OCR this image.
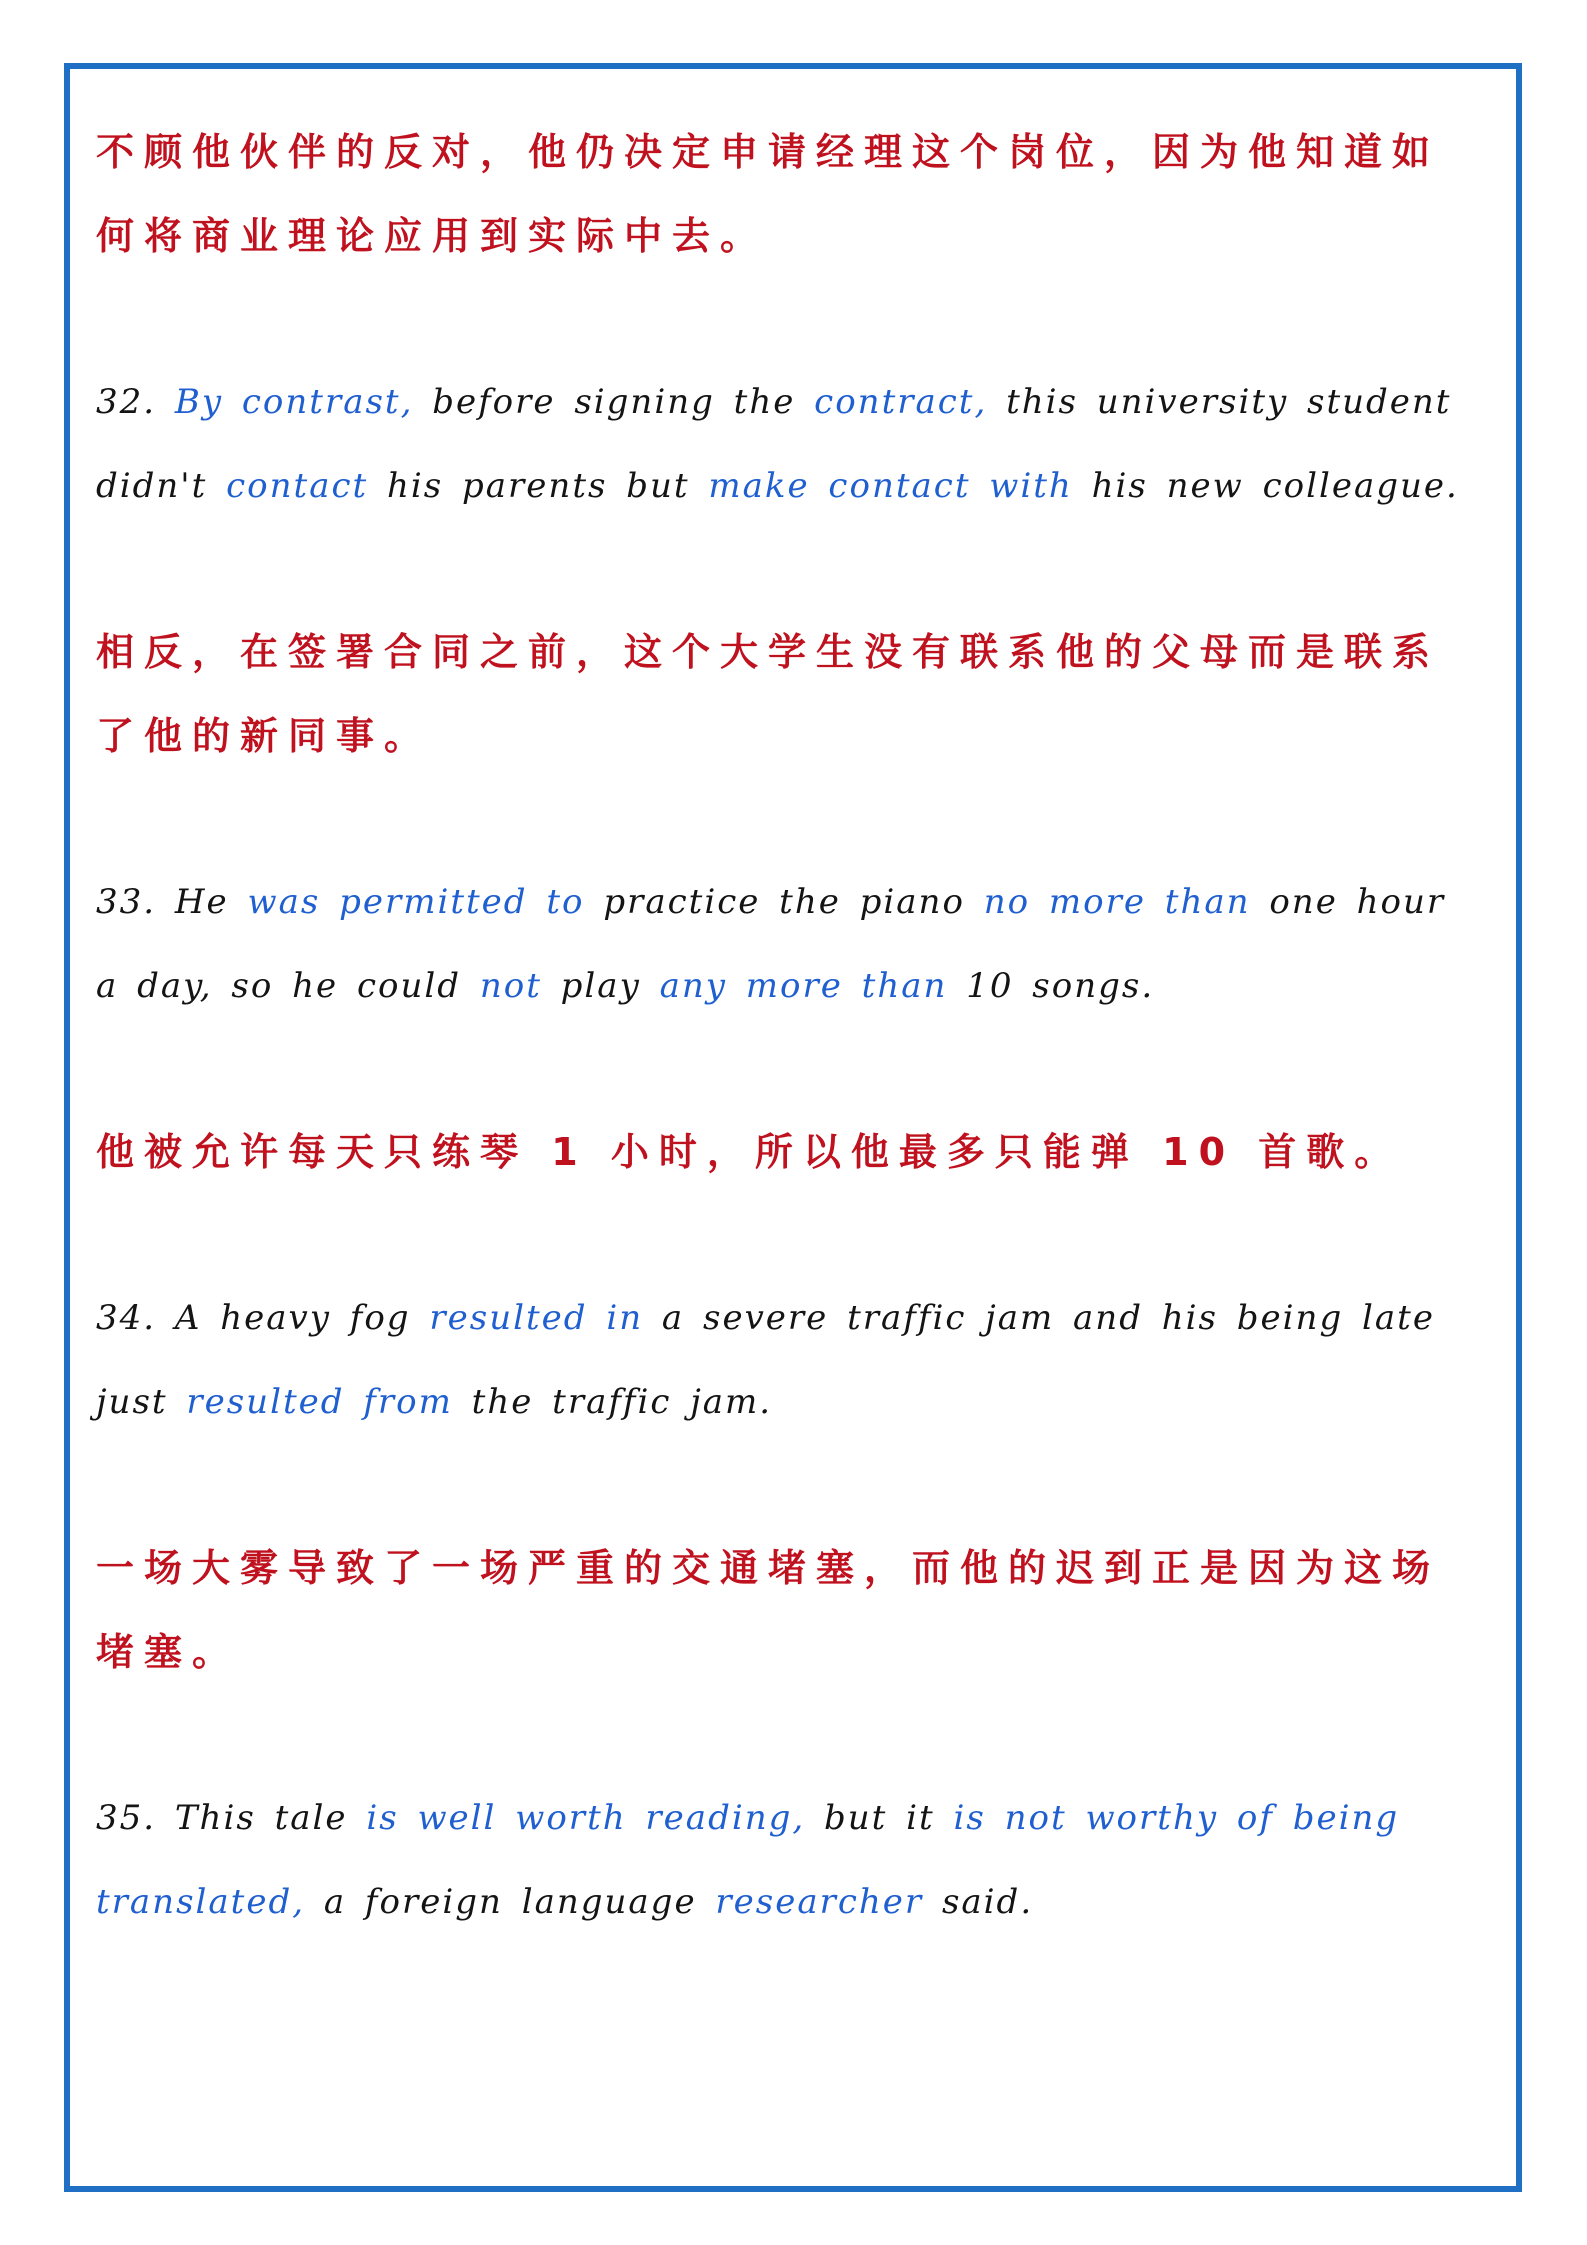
不顾他伙伴的反对，他仍决定申请经理这个岗位，因为他知道如何将商业理论应用到实际中去。

32. By contrast, before signing the contract, this university student didn't contact his parents but make contact with his new colleague.

相反，在签署合同之前，这个大学生没有联系他的父母而是联系了他的新同事。

33. He was permitted to practice the piano no more than one hour a day, so he could not play any more than 10 songs.

他被允许每天只练琴 1 小时，所以他最多只能弹 10 首歌。

34. A heavy fog resulted in a severe traffic jam and his being late just resulted from the traffic jam.

一场大雾导致了一场严重的交通堵塞，而他的迟到正是因为这场堵塞。

35. This tale is well worth reading, but it is not worthy of being translated, a foreign language researcher said.
